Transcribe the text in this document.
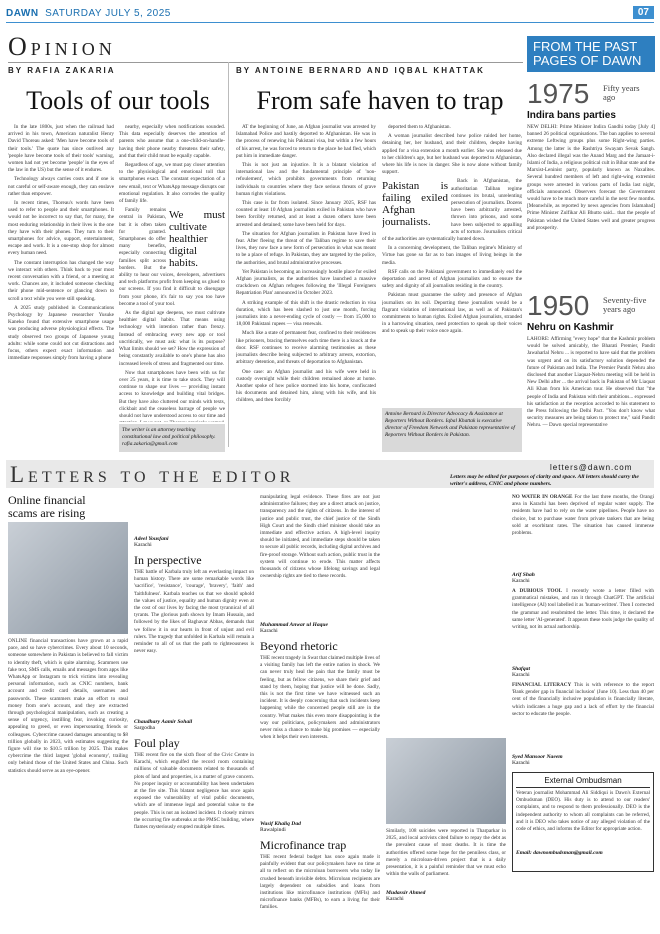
DAWN SATURDAY JULY 5, 2025	07
Opinion
BY RAFIA ZAKARIA	BY ANTOINE BERNARD AND IQBAL KHATTAK
Tools of our tools

In the late 1800s, just when the railroad had arrived in his town, American naturalist Henry David Thoreau asked: 'Men have become tools of their tools.' The quote has since outlived any 'people have become tools of their tools' warning, women had not yet become 'people' in the eyes of the law in the US) but the sense of it endures.

Technology always carries costs and if one is not careful or self-aware enough, they can enslave rather than empower.

In recent times, Thoreau's words have been used to refer to people and their smartphones. It would not be incorrect to say that, for many, the most enduring relationship in their lives is the one they have with their phones. They turn to their smartphones for advice, support, entertainment, escape and work. It is a one-stop shop for almost every human need.

The constant interruption has changed the way we interact with others. Think back to your most recent conversation with a friend, or a meeting at work. Chances are, it included someone checking their phone mid-sentence or glancing down to scroll a text while you were still speaking.

A 2025 study published in Communications Psychology by Japanese researcher Yusuke Kaneko found that extensive smartphone usage was producing adverse physiological effects. The study observed two groups of Japanese young adults: while some could not cut distractions and focus, others expect exact information and immediate responses simply from having a phone

nearby, especially when notifications sounded. This data especially deserves the attention of parents who assume that a one-child-on-handle-having their phone nearby threatens their safety, and that their child must be equally capable.

Regardless of age, we must pay closer attention to the physiological and emotional toll that smartphones exact. The constant expectation of a new email, text or WhatsApp message disrupts our emotional regulation. It also corrodes the quality of family life.

We must cultivate healthier digital habits.

Family remains central in Pakistan, but it is often taken for granted. Smartphones do offer many benefits, especially connecting families split across borders. But the ability to hear our voices, developers, advertisers and tech platforms profit from keeping us glued to our screens. If you find it difficult to disengage from your phone, it's fair to say you too have become a tool of your tool.

As the digital age deepens, we must cultivate healthier digital habits. That means using technology with intention rather than frenzy. Instead of embracing every new app or tool uncritically, we must ask: what is its purpose? What limits should we set? How the expression of being constantly available to one's phone has also increased levels of stress and fragmented our time.

Now that smartphones have been with us for over 25 years, it is time to take stock. They will continue to shape our lives — providing instant access to knowledge and building vital bridges. But they have also cluttered our minds with texts, clickbait and the ceaseless barrage of people we should not have understood access to our time and

The writer is an attorney teaching constitutional law and political philosophy. rafia.zakaria@gmail.com
From safe haven to trap

AT the beginning of June, an Afghan journalist was arrested by Islamabad Police and hastily deported to Afghanistan. He was in the process of renewing his Pakistani visa, but within a few hours of his arrest, he was forced to return to the place he had fled, which put him in immediate danger.

This is not just an injustice. It is a blatant violation of international law and the fundamental principle of 'non-refoulement', which prohibits governments from returning individuals to countries where they face serious threats of grave human rights violations.

This case is far from isolated. Since January 2025, RSF has counted at least 10 Afghan journalists exiled in Pakistan who have been forcibly returned, and at least a dozen others have been arrested and detained; some have been held for days.

The situation for Afghan journalists in Pakistan have lived in fear. After fleeing the threat of the Taliban regime to save their lives, they now face a new form of persecution in what was meant to be a place of refuge. In Pakistan, they are targeted by the police, the authorities, and brutal administrative processes.

Yet Pakistan is becoming an increasingly hostile place for exiled Afghan journalists, as the authorities have launched a massive crackdown on Afghan refugees following the 'Illegal Foreigners Repatriation Plan' announced in October 2023.

A striking example of this shift is the drastic reduction in visa duration, which has been slashed to just one month, forcing journalists into a never-ending cycle of costly — from 15,000 to 18,000 Pakistani rupees — visa renewals.

Much like a state of permanent fear, confined to their residences like prisoners, bracing themselves each time there is a knock at the door. RSF continues to receive alarming testimonies as these journalists describe being subjected to arbitrary arrests, extortion, arbitrary detention, and threats of deportation to Afghanistan.

One case: an Afghan journalist and his wife were held in custody overnight while their children remained alone at home. Another spoke of how police stormed into his home, confiscated his documents and detained him, along with his wife, and his children, and then forcibly

deported them to Afghanistan.

A woman journalist described how police raided her home, detaining her, her husband, and their children, despite having applied for a visa extension a month earlier. She was released due to her children's age, but her husband was deported to Afghanistan, where his life is now in danger. She is now alone without family support.

Pakistan is failing exiled Afghan journalists.

Back in Afghanistan, the authoritarian Taliban regime continues its brutal, unrelenting persecution of journalists. Dozens have been arbitrarily arrested, thrown into prisons, and some have been subjected to appalling acts of torture. Journalists critical of the authorities are systematically hunted down.

In a concerning development, the Taliban regime's Ministry of Virtue has gone so far as to ban images of living beings in the media.

RSF calls on the Pakistani government to immediately end the deportation and arrest of Afghan journalists and to ensure the safety and dignity of all journalists residing in the country.

Pakistan must guarantee the safety and presence of Afghan journalists on its soil. Deporting these journalists would be a flagrant violation of international law, as well as of Pakistan's commitments to human rights. Exiled Afghan journalists, stranded in a harrowing situation, need protection to speak up their voices and to speak up their voice once again.

Antoine Bernard is Director Advocacy & Assistance at Reporters Without Borders. Iqbal Khattak is executive director of Freedom Network and Pakistan representative of Reporters Without Borders in Pakistan.
FROM THE PAST
PAGES OF DAWN
1975 Fifty years
ago
Indira bans parties
NEW DELHI: Prime Minister Indira Gandhi today [July 4] banned 26 political organisations. The ban applies to several extreme Leftwing groups plus some Right-wing parties. Among the latter is the Rashtriya Swayam Sevak Sangh. Also declared illegal was the Anand Marg and the Jamaat-i-Islami of India, a religious political cult in Bihar state and the Marxist-Leninist party, popularly known as Naxalites. Several hundred members of left and right-wing extremist groups were arrested in various parts of India last night, officials announced. Observers forecast the Government would have to be much more careful in the next few months. [Meanwhile, as reported by news agencies from Islamabad] Prime Minister Zulfikar Ali Bhutto said... that the people of Pakistan wished the United States well and greater progress and prosperity.
1950 Seventy-five
years ago
Nehru on Kashmir
LAHORE: Affirming "every hope" that the Kashmir problem would be solved amicably, the Bharati Premier, Pandit Jawaharlal Nehru ... is reported to have said that the problem was urgent and on its satisfactory solution depended the future of Pakistan and India. The Premier Pandit Nehru also disclosed that another Liaquat-Nehru meeting will be held in New Delhi after ... the arrival back in Pakistan of Mr Liaquat Ali Khan from his American tour. He observed that "the people of India and Pakistan with their ambitions... expressed his satisfaction at the reception accorded to his statement to the Press following the Delhi Pact. "You don't know what security measures are being taken to protect me," said Pandit Nehru. — Dawn special representative
Letters to the editor	letters@dawn.com
Letters may be edited for purposes of clarity and space. All letters should carry the writer's address, CNIC and phone numbers.
Online financial
scams are rising
ONLINE financial transactions have grown at a rapid pace, and so have cybercrimes. Every about 10 seconds, someone somewhere in Pakistan is believed to fall victim to identity theft, which is quite alarming. Scammers use fake text, SMS calls, emails and messages from apps like WhatsApp or Instagram to trick victims into revealing personal information, such as CNIC numbers, bank account and credit card details, usernames and passwords. These scammers make an effort to steal money from one's account, and they are extracted through psychological manipulation, such as creating a sense of urgency, instilling fear, invoking curiosity, appealing to greed, or even impersonating friends or colleagues. Cybercrime caused damages amounting to $8 trillion globally in 2023, with estimates suggesting the figure will rise to $10.5 trillion by 2025. This makes cybercrime the third largest 'global economy', trailing only behind those of the United States and China. Such statistics should serve as an eye-opener.
Adeel Yousfani
Karachi
In perspective
THE battle of Karbala truly left an everlasting impact on human history. There are some remarkable words like 'sacrifice', 'resistance', 'courage', 'bravery', 'faith' and 'faithfulness'. Karbala teaches us that we should uphold the values of justice, equality and human dignity even at the cost of our lives by facing the most tyrannical of all tyrants. The glorious path shown by Imam Hussain, and followed by the likes of Baghavar Abbas, demands that we follow it in our hearts in front of unjust and evil rulers. The tragedy that unfolded in Karbala will remain a reminder to all of us that the path to righteousness is never easy.
Chaudhary Aamir Sohail
Sargodha
Foul play
THE recent fire on the sixth floor of the Civic Centre in Karachi, which engulfed the record room containing millions of valuable documents related to thousands of plots of land and properties, is a matter of grave concern. No proper inquiry or accountability has been undertaken at the fire site. This blatant negligence has once again exposed the vulnerability of vital public documents, which are of immense legal and potential value to the people. This is not an isolated incident. It closely mirrors the occurring fire outbreaks at the PMSC building, where flames mysteriously erupted multiple times.
manipulating legal evidence. These fires are not just administrative failures; they are a direct attack on justice, transparency and the rights of citizens. In the interest of justice and public trust, the chief justice of the Sindh High Court and the Sindh chief minister should take an immediate and effective action. A high-level inquiry should be initiated, and immediate steps should be taken to secure all public records, including digital archives and fire-proof storage. Without such action, public trust in the system will continue to erode. This matter affects thousands of citizens whose lifelong savings and legal ownership rights are tied to these records.
Muhammad Anwar ul Haque
Karachi
Beyond rhetoric
THE recent tragedy in Swat that claimed multiple lives of a visiting family has left the entire nation in shock. We can never truly heal the pain that the family must be feeling, but as fellow citizens, we share their grief and stand by them, hoping that justice will be done. Sadly, this is not the first time we have witnessed such an incident. It is deeply concerning that such incidents keep happening while the concerned people still are in the country. What makes this even more disappointing is the way our politicians, policymakers and administrators never miss a chance to make big promises — especially when it helps their own interests.
Wasif Khaliq Dad
Rawalpindi
Microfinance trap
THE recent federal budget has once again made it painfully evident that our policymakers have no time at all to reflect on the microloan borrowers who today lie crushed beneath invisible debts. Microloan recipients are largely dependent on subsidies and loans from institutions like microfinance institutions (MFIs) and microfinance banks (MFBs), to earn a living for their families.
Similarly, 108 suicides were reported in Tharparkar in 2025, and local activists cited failure to repay the debt as the prevalent cause of most deaths. It is time the authorities offered some hope for the penniless class, or merely a microloan-driven project that is a daily presentation, it is a painful reminder that we must echo within the walls of parliament.
Mudassir Ahmed
Karachi
NO WATER IN ORANGE For the last three months, the Orangi area in Karachi has been deprived of regular water supply. The residents have had to rely on the water pipelines. People have no choice, but to purchase water from private tankers that are being sold at exorbitant rates. The situation has caused immense problems.
Arif Shah
Karachi
A DUBIOUS TOOL I recently wrote a letter filled with grammatical mistakes, and ran it through ChatGPT. The artificial intelligence (AI) tool labelled it as 'human-written'. Then I corrected the grammar and resubmitted the letter. This time, it declared the same letter 'AI-generated'. It appears these tools judge the quality of writing, not its actual authorship.
Shafqat
Karachi
FINANCIAL LITERACY This is with reference to the report 'Bank gender gap in financial inclusion' (June 10). Less than 40 per cent of the financially inclusive population is financially literate, which indicates a huge gap and a lack of effort by the financial sector to educate the people.
Syed Mansoor Naeem
Karachi
External Ombudsman
Veteran journalist Mohammad Ali Siddiqui is Dawn's External Ombudsman (DEO). His duty is to attend to our readers' complaints, and to respond to them professionally. DEO is the independent authority to whom all complaints can be referred, and it is DEO who takes notice of any alleged violation of the code of ethics, and informs the Editor for appropriate action.
Email: dawnombudsman@gmail.com
